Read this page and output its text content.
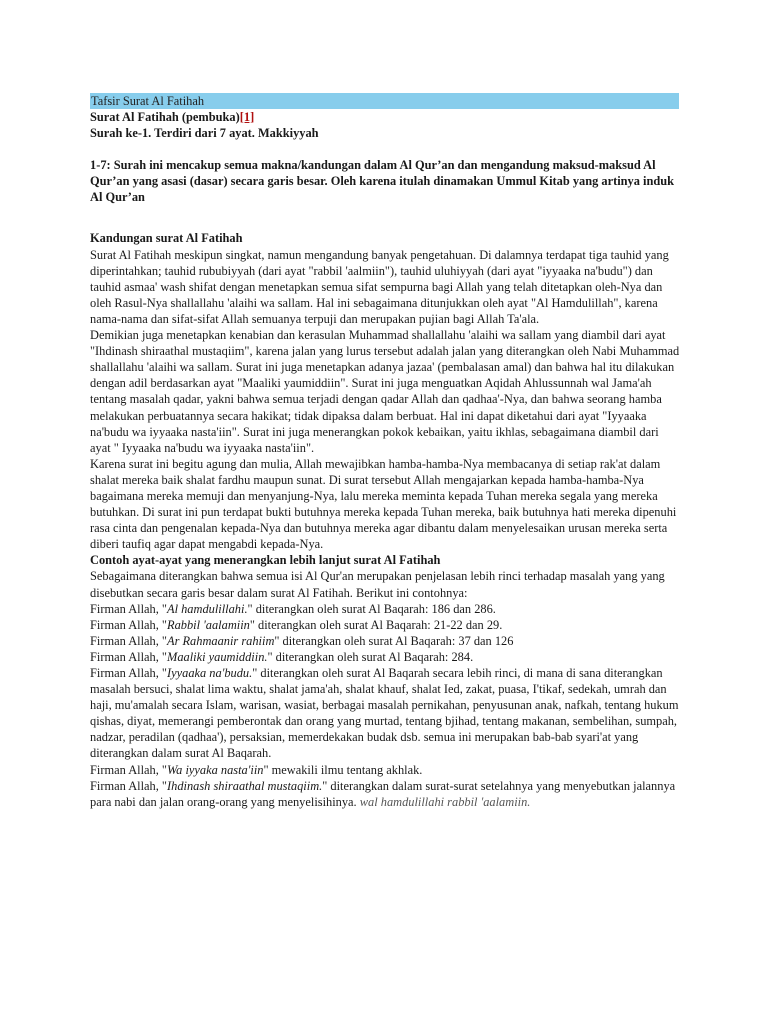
Tafsir Surat Al Fatihah

Surat Al Fatihah (pembuka)[1]

Surah ke-1. Terdiri dari 7 ayat. Makkiyyah

1-7: Surah ini mencakup semua makna/kandungan dalam Al Qur’an dan mengandung maksud-maksud Al Qur’an yang asasi (dasar) secara garis besar. Oleh karena itulah dinamakan Ummul Kitab yang artinya induk Al Qur’an

Kandungan surat Al Fatihah

Surat Al Fatihah meskipun singkat, namun mengandung banyak pengetahuan. Di dalamnya terdapat tiga tauhid yang diperintahkan; tauhid rububiyyah (dari ayat "rabbil 'aalmiin"), tauhid uluhiyyah (dari ayat "iyyaaka na'budu") dan tauhid asmaa' wash shifat dengan menetapkan semua sifat sempurna bagi Allah yang telah ditetapkan oleh-Nya dan oleh Rasul-Nya shallallahu 'alaihi wa sallam. Hal ini sebagaimana ditunjukkan oleh ayat "Al Hamdulillah", karena nama-nama dan sifat-sifat Allah semuanya terpuji dan merupakan pujian bagi Allah Ta'ala.

Demikian juga menetapkan kenabian dan kerasulan Muhammad shallallahu 'alaihi wa sallam yang diambil dari ayat "Ihdinash shiraathal mustaqiim", karena jalan yang lurus tersebut adalah jalan yang diterangkan oleh Nabi Muhammad shallallahu 'alaihi wa sallam. Surat ini juga menetapkan adanya jazaa' (pembalasan amal) dan bahwa hal itu dilakukan dengan adil berdasarkan ayat "Maaliki yaumiddiin". Surat ini juga menguatkan Aqidah Ahlussunnah wal Jama'ah tentang masalah qadar, yakni bahwa semua terjadi dengan qadar Allah dan qadhaa'-Nya, dan bahwa seorang hamba melakukan perbuatannya secara hakikat; tidak dipaksa dalam berbuat. Hal ini dapat diketahui dari ayat "Iyyaaka na'budu wa iyyaaka nasta'iin". Surat ini juga menerangkan pokok kebaikan, yaitu ikhlas, sebagaimana diambil dari ayat " Iyyaaka na'budu wa iyyaaka nasta'iin".

Karena surat ini begitu agung dan mulia, Allah mewajibkan hamba-hamba-Nya membacanya di setiap rak'at dalam shalat mereka baik shalat fardhu maupun sunat. Di surat tersebut Allah mengajarkan kepada hamba-hamba-Nya bagaimana mereka memuji dan menyanjung-Nya, lalu mereka meminta kepada Tuhan mereka segala yang mereka butuhkan. Di surat ini pun terdapat bukti butuhnya mereka kepada Tuhan mereka, baik butuhnya hati mereka dipenuhi rasa cinta dan pengenalan kepada-Nya dan butuhnya mereka agar dibantu dalam menyelesaikan urusan mereka serta diberi taufiq agar dapat mengabdi kepada-Nya.

Contoh ayat-ayat yang menerangkan lebih lanjut surat Al Fatihah

Sebagaimana diterangkan bahwa semua isi Al Qur'an merupakan penjelasan lebih rinci terhadap masalah yang yang disebutkan secara garis besar dalam surat Al Fatihah. Berikut ini contohnya:

Firman Allah, "Al hamdulillahi." diterangkan oleh surat Al Baqarah: 186 dan 286.

Firman Allah, "Rabbil 'aalamiin" diterangkan oleh surat Al Baqarah: 21-22 dan 29.

Firman Allah, "Ar Rahmaanir rahiim" diterangkan oleh surat Al Baqarah: 37 dan 126

Firman Allah, "Maaliki yaumiddiin." diterangkan oleh surat Al Baqarah: 284.

Firman Allah, "Iyyaaka na'budu." diterangkan oleh surat Al Baqarah secara lebih rinci, di mana di sana diterangkan masalah bersuci, shalat lima waktu, shalat jama'ah, shalat khauf, shalat Ied, zakat, puasa, I'tikaf, sedekah, umrah dan haji, mu'amalah secara Islam, warisan, wasiat, berbagai masalah pernikahan, penyusunan anak, nafkah, tentang hukum qishas, diyat, memerangi pemberontak dan orang yang murtad, tentang bjihad, tentang makanan, sembelihan, sumpah, nadzar, peradilan (qadhaa'), persaksian, memerdekakan budak dsb. semua ini merupakan bab-bab syari'at yang diterangkan dalam surat Al Baqarah.

Firman Allah, "Wa iyyaka nasta'iin" mewakili ilmu tentang akhlak.

Firman Allah, "Ihdinash shiraathal mustaqiim." diterangkan dalam surat-surat setelahnya yang menyebutkan jalannya para nabi dan jalan orang-orang yang menyelisihinya. wal hamdulillahi rabbil 'aalamiin.
